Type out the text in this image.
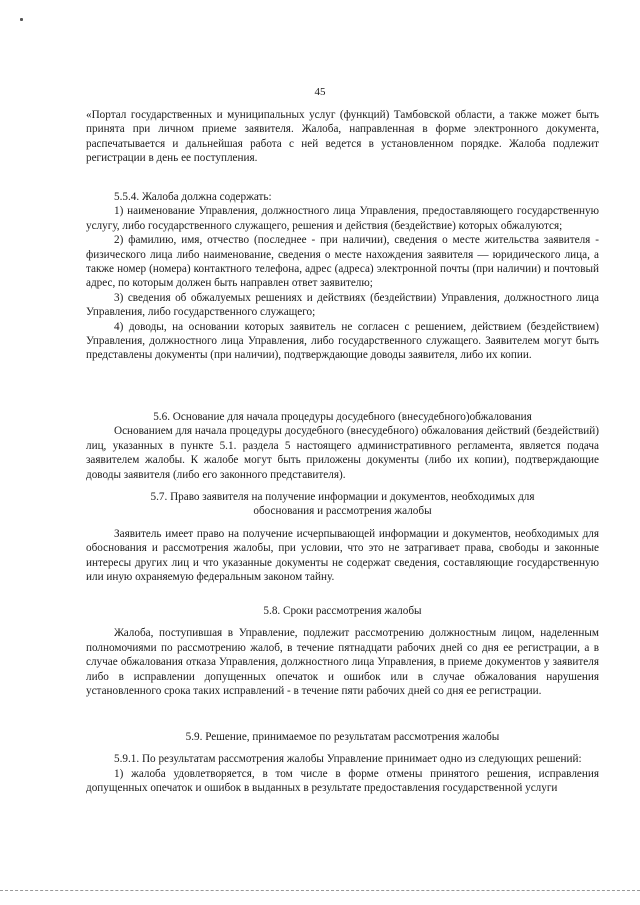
45

«Портал государственных и муниципальных услуг (функций) Тамбовской области, а также может быть принята при личном приеме заявителя. Жалоба, направленная в форме электронного документа, распечатывается и дальнейшая работа с ней ведется в установленном порядке. Жалоба подлежит регистрации в день ее поступления.

5.5.4. Жалоба должна содержать:

1) наименование Управления, должностного лица Управления, предоставляющего государственную услугу, либо государственного служащего, решения и действия (бездействие) которых обжалуются;

2) фамилию, имя, отчество (последнее - при наличии), сведения о месте жительства заявителя - физического лица либо наименование, сведения о месте нахождения заявителя — юридического лица, а также номер (номера) контактного телефона, адрес (адреса) электронной почты (при наличии) и почтовый адрес, по которым должен быть направлен ответ заявителю;

3) сведения об обжалуемых решениях и действиях (бездействии) Управления, должностного лица Управления, либо государственного служащего;

4) доводы, на основании которых заявитель не согласен с решением, действием (бездействием) Управления, должностного лица Управления, либо государственного служащего. Заявителем могут быть представлены документы (при наличии), подтверждающие доводы заявителя, либо их копии.

5.6. Основание для начала процедуры досудебного (внесудебного)обжалования

Основанием для начала процедуры досудебного (внесудебного) обжалования действий (бездействий) лиц, указанных в пункте 5.1. раздела 5 настоящего административного регламента, является подача заявителем жалобы. К жалобе могут быть приложены документы (либо их копии), подтверждающие доводы заявителя (либо его законного представителя).

5.7. Право заявителя на получение информации и документов, необходимых для

обоснования и рассмотрения жалобы

Заявитель имеет право на получение исчерпывающей информации и документов, необходимых для обоснования и рассмотрения жалобы, при условии, что это не затрагивает права, свободы и законные интересы других лиц и что указанные документы не содержат сведения, составляющие государственную или иную охраняемую федеральным законом тайну.

5.8. Сроки рассмотрения жалобы

Жалоба, поступившая в Управление, подлежит рассмотрению должностным лицом, наделенным полномочиями по рассмотрению жалоб, в течение пятнадцати рабочих дней со дня ее регистрации, а в случае обжалования отказа Управления, должностного лица Управления, в приеме документов у заявителя либо в исправлении допущенных опечаток и ошибок или в случае обжалования нарушения установленного срока таких исправлений - в течение пяти рабочих дней со дня ее регистрации.

5.9. Решение, принимаемое по результатам рассмотрения жалобы

5.9.1. По результатам рассмотрения жалобы Управление принимает одно из следующих решений:

1) жалоба удовлетворяется, в том числе в форме отмены принятого решения, исправления допущенных опечаток и ошибок в выданных в результате предоставления государственной услуги
